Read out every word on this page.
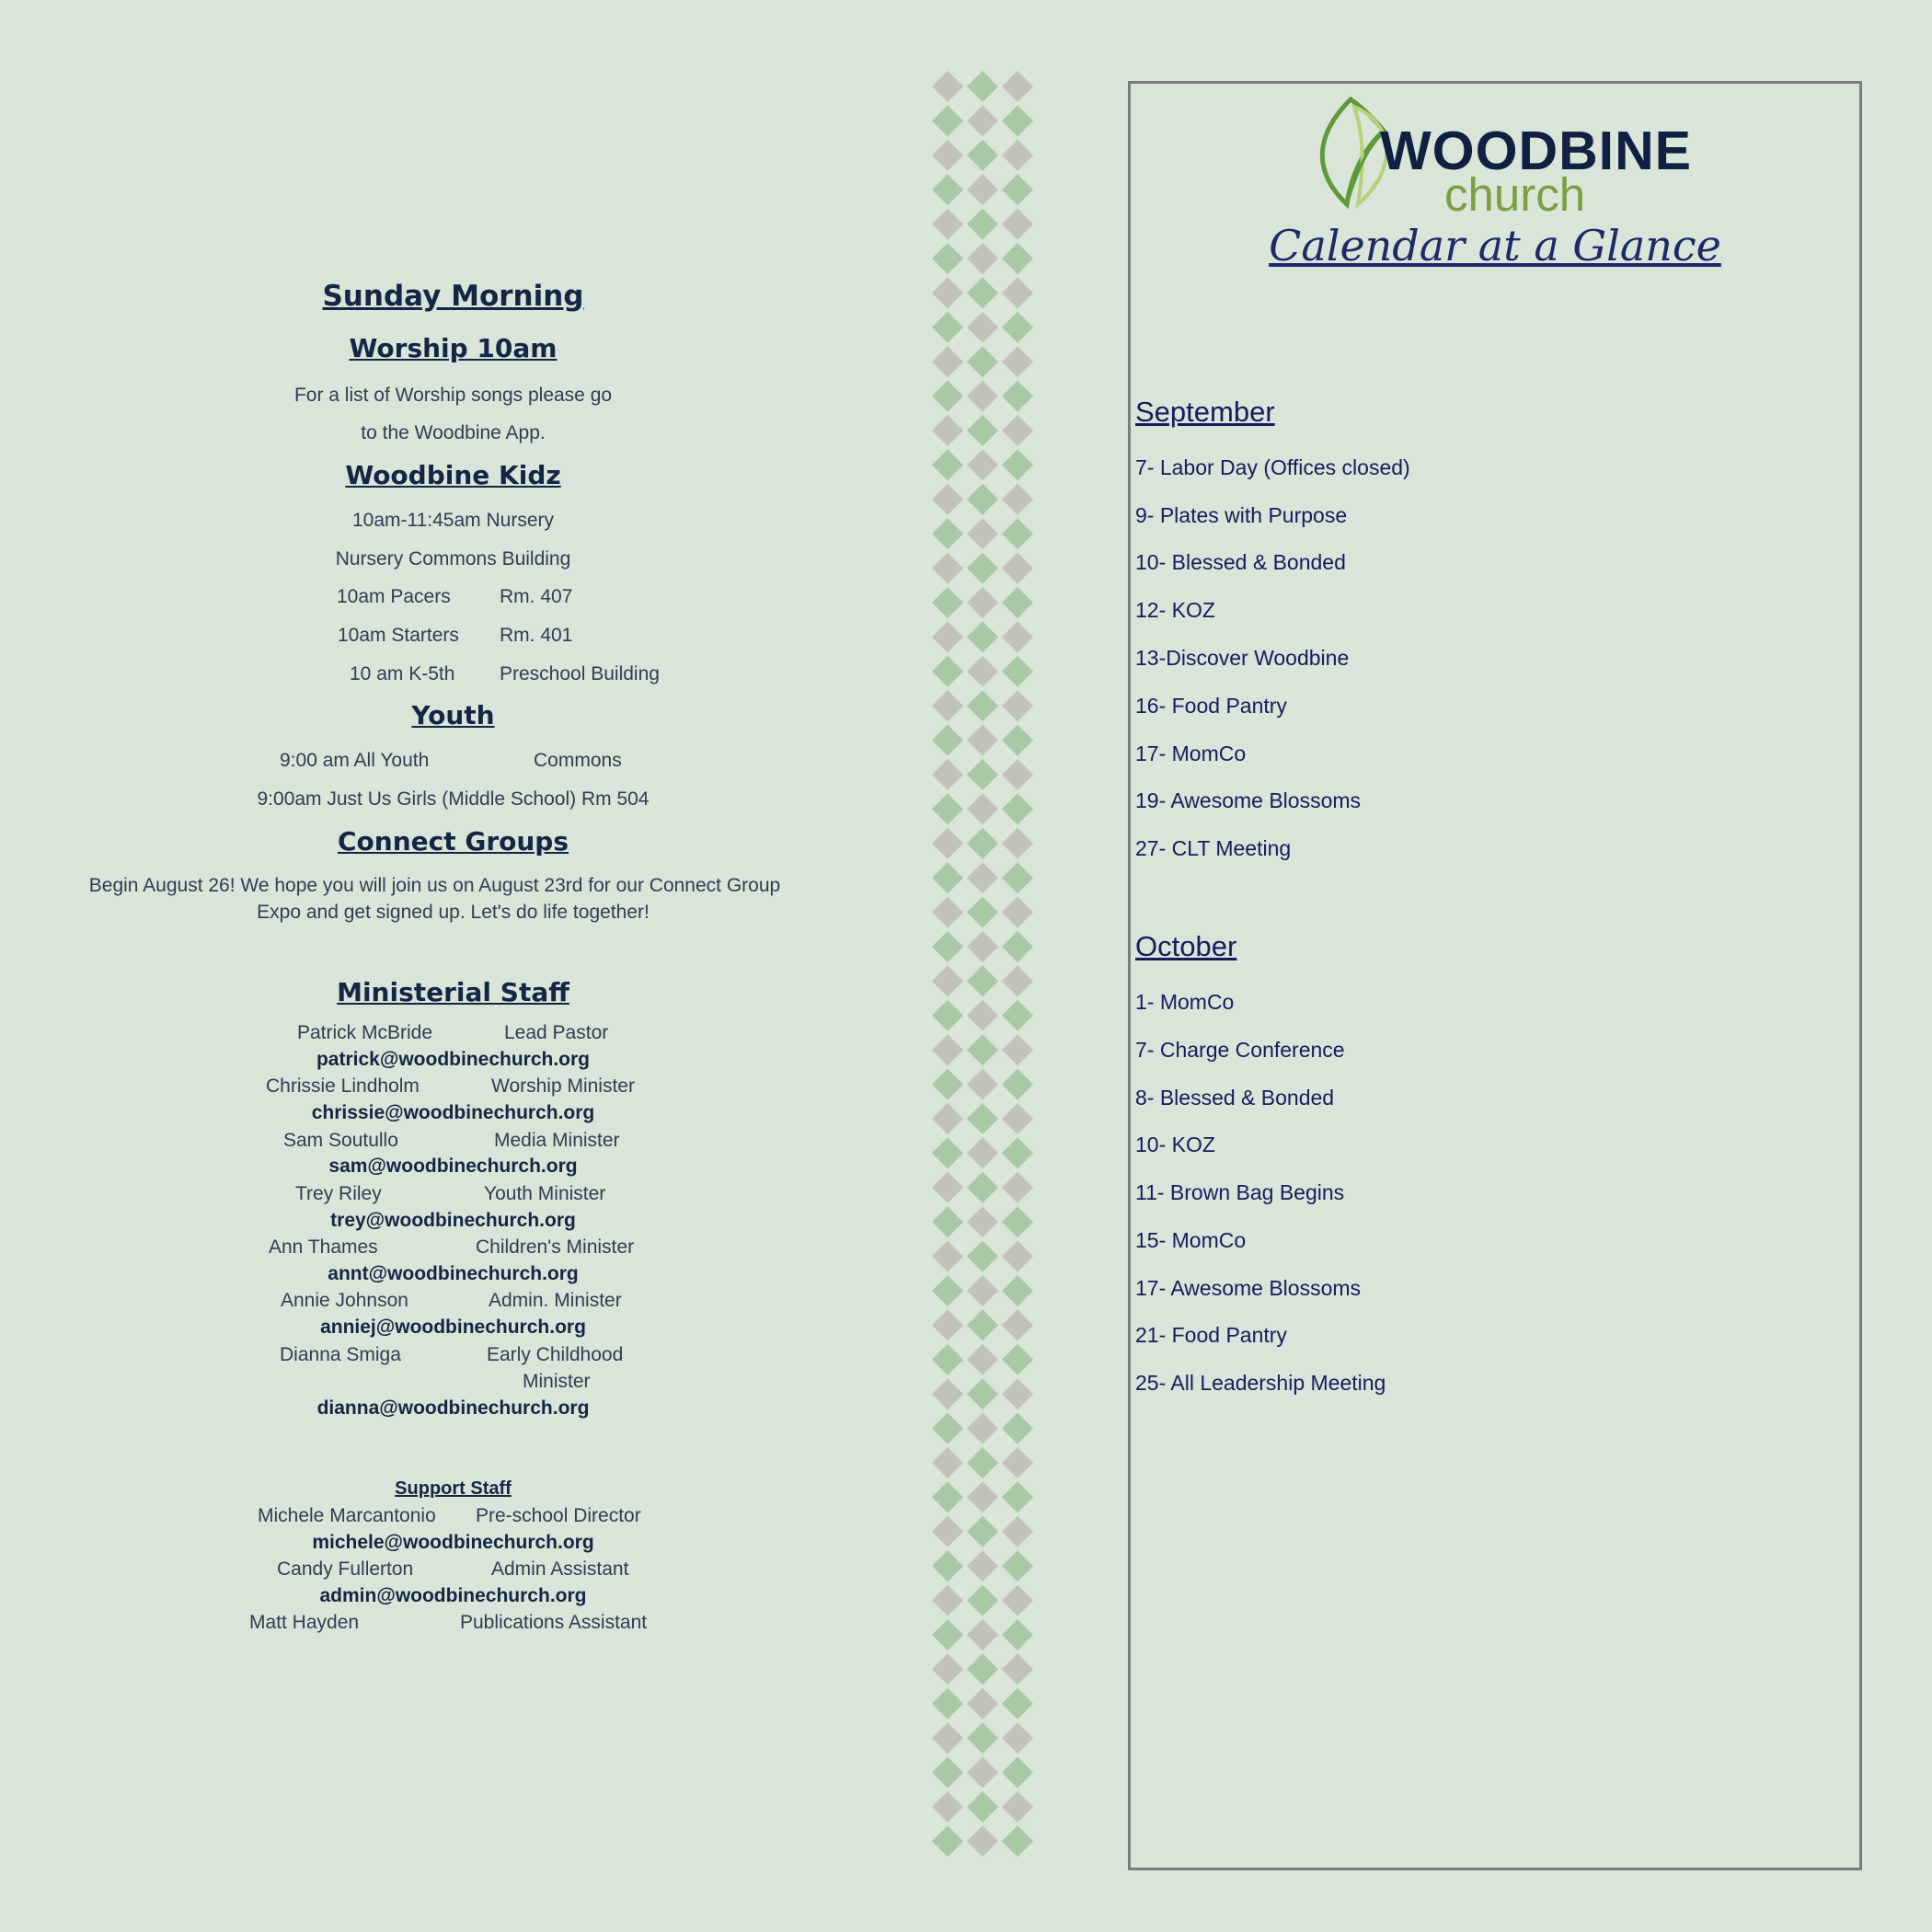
Sunday Morning
Worship 10am
For a list of Worship songs please go
to the Woodbine App.
Woodbine Kidz
10am-11:45am Nursery
Nursery Commons Building
10am Pacers	Rm. 407
10am Starters Rm. 401
10 am K-5th Preschool Building
Youth
9:00 am All Youth	Commons
9:00am Just Us Girls (Middle School) Rm 504
Connect Groups
Begin August 26! We hope you will join us on August 23rd for our Connect Group
Expo and get signed up. Let's do life together!
Ministerial Staff
Patrick McBride	Lead Pastor
patrick@woodbinechurch.org
Chrissie Lindholm	Worship Minister
chrissie@woodbinechurch.org
Sam Soutullo	Media Minister
sam@woodbinechurch.org
Trey Riley	Youth Minister
trey@woodbinechurch.org
Ann Thames	Children's Minister
annt@woodbinechurch.org
Annie Johnson	Admin. Minister
anniej@woodbinechurch.org
Dianna Smiga	Early Childhood
Minister
dianna@woodbinechurch.org
Support Staff
Michele Marcantonio Pre-school Director
michele@woodbinechurch.org
Candy Fullerton	Admin Assistant
admin@woodbinechurch.org
Matt Hayden	Publications Assistant
WOODBINE
church
Calendar at a Glance
September
7- Labor Day (Offices closed)
9- Plates with Purpose
10- Blessed & Bonded
12- KOZ
13-Discover Woodbine
16- Food Pantry
17- MomCo
19- Awesome Blossoms
27- CLT Meeting
October
1- MomCo
7- Charge Conference
8- Blessed & Bonded
10- KOZ
11- Brown Bag Begins
15- MomCo
17- Awesome Blossoms
21- Food Pantry
25- All Leadership Meeting
